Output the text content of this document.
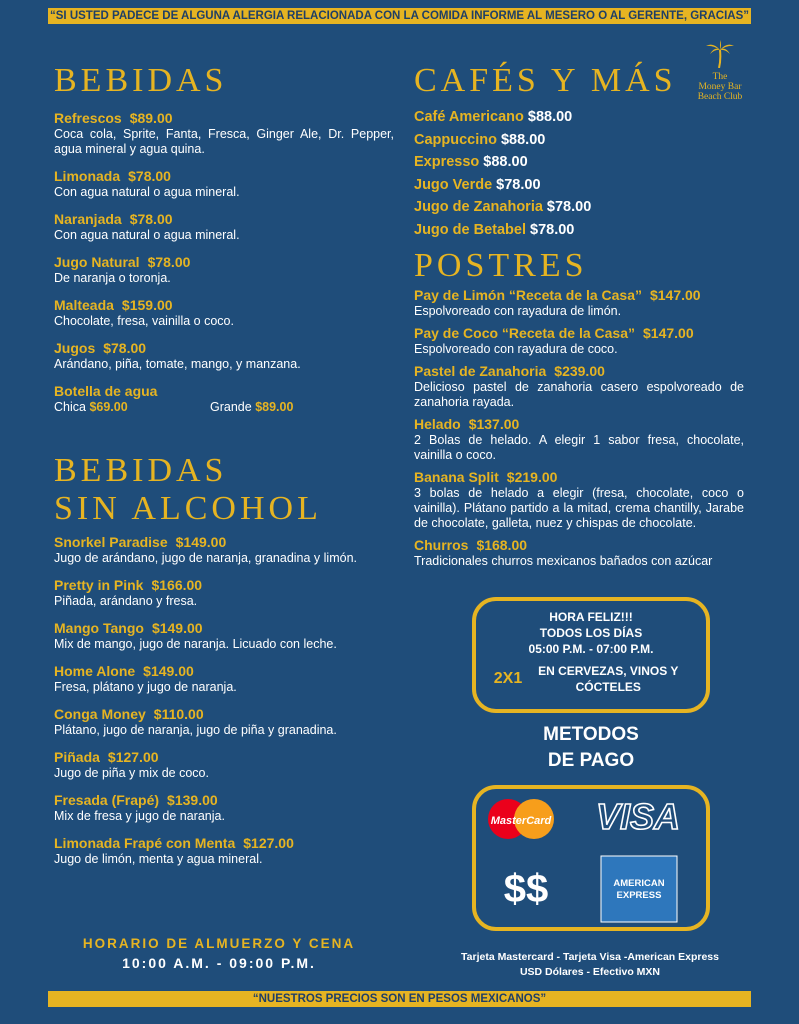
“SI USTED PADECE DE ALGUNA ALERGIA RELACIONADA CON LA COMIDA INFORME AL MESERO O AL GERENTE, GRACIAS”
The
Money Bar
Beach Club
BEBIDAS
Refrescos $89.00
Coca cola, Sprite, Fanta, Fresca, Ginger Ale, Dr. Pepper, agua mineral y agua quina.
Limonada $78.00
Con agua natural o agua mineral.
Naranjada $78.00
Con agua natural o agua mineral.
Jugo Natural $78.00
De naranja o toronja.
Malteada $159.00
Chocolate, fresa, vainilla o coco.
Jugos $78.00
Arándano, piña, tomate, mango, y manzana.
Botella de agua
Chica $69.00	Grande $89.00
BEBIDAS
SIN ALCOHOL
Snorkel Paradise $149.00
Jugo de arándano, jugo de naranja, granadina y limón.
Pretty in Pink $166.00
Piñada, arándano y fresa.
Mango Tango $149.00
Mix de mango, jugo de naranja. Licuado con leche.
Home Alone $149.00
Fresa, plátano y jugo de naranja.
Conga Money $110.00
Plátano, jugo de naranja, jugo de piña y granadina.
Piñada $127.00
Jugo de piña y mix de coco.
Fresada (Frapé) $139.00
Mix de fresa y jugo de naranja.
Limonada Frapé con Menta $127.00
Jugo de limón, menta y agua mineral.
HORARIO DE ALMUERZO Y CENA
10:00 A.M. - 09:00 P.M.
CAFÉS Y MÁS
Café Americano $88.00
Cappuccino $88.00
Expresso $88.00
Jugo Verde $78.00
Jugo de Zanahoria $78.00
Jugo de Betabel $78.00
POSTRES
Pay de Limón “Receta de la Casa” $147.00
Espolvoreado con rayadura de limón.
Pay de Coco “Receta de la Casa” $147.00
Espolvoreado con rayadura de coco.
Pastel de Zanahoria $239.00
Delicioso pastel de zanahoria casero espolvoreado de zanahoria rayada.
Helado $137.00
2 Bolas de helado. A elegir 1 sabor fresa, chocolate, vainilla o coco.
Banana Split $219.00
3 bolas de helado a elegir (fresa, chocolate, coco o vainilla). Plátano partido a la mitad, crema chantilly, Jarabe de chocolate, galleta, nuez y chispas de chocolate.
Churros $168.00
Tradicionales churros mexicanos bañados con azúcar
HORA FELIZ!!!
TODOS LOS DÍAS
05:00 P.M. - 07:00 P.M.
2X1	EN CERVEZAS, VINOS Y CÓCTELES
METODOS
DE PAGO
MasterCard VISA
$$	AMERICAN
EXPRESS
Tarjeta Mastercard - Tarjeta Visa -American Express
USD Dólares - Efectivo MXN
“NUESTROS PRECIOS SON EN PESOS MEXICANOS”
